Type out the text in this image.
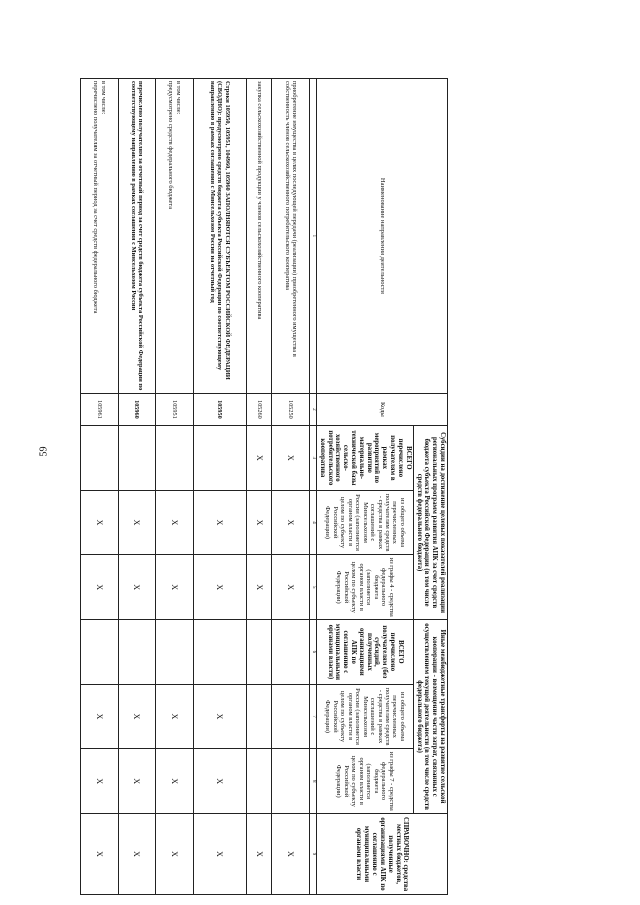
59
Наименование направления деятельности	Коды	Субсидии на достижение целевых показателей реализации региональных программ развития АПК за счет средств бюджета субъекта Российской Федерации (в том числе средств федерального бюджета)			Иные межбюджетные трансферты на развитие сельской кооперации - возмещение части затрат, связанных с осуществлением текущей деятельности (в том числе средств федерального бюджета)			СПРАВОЧНО: средства местных бюджетов, полученные организациями АПК по соглашению с муниципальными органами власти
		ВСЕГО перечислено получателям в рамках мероприятий по развитию материально-технической базы сельско-хозяйственного потребительского кооператива	из общего объема перечисленных получателям средств - средства в рамках соглашений с Минсельхозом России (заполняется органом власти в целом по субъекту Российской Федерации)	из графы 4 - средства федерального бюджета (заполняется органом власти в целом по субъекту Российской Федерации)	ВСЕГО перечислено получателям (без субсидий, полученных организациями АПК по соглашению с муниципальными органами власти)	из общего объема перечисленных получателям средств - средства в рамках соглашений с Минсельхозом России (заполняется органом власти в целом по субъекту Российской Федерации)	из графы 7 - средства федерального бюджета (заполняется органом власти в целом по субъекту Российской Федерации)	
1	2	3	4	5	6	7	8	9
приобретение имущества в целях последующей передачи (реализации) приобретенного имущества в собственность членов сельскохозяйственного потребительского кооператива	105250	X	X	X				X
закупка сельскохозяйственной продукции у членов сельскохозяйственного кооператива	105260	X	X	X				X
Строки 105950, 105951, 104960, 105960 ЗАПОЛНЯЮТСЯ СУБЪЕКТОМ РОССИЙСКОЙ ФЕДЕРАЦИИ (СВОДНО): предусмотрено средств бюджета субъекта Российской Федерации по соответствующему направлению в рамках соглашения с Минсельхозом России на отчетный год	105950		X	X		X	X	X
в том числе:
предусмотрено средств федерального бюджета	105951		X	X		X	X	X
перечислено получателям за отчетный период за счет средств бюджета субъекта Российской Федерации по соответствующему направлению в рамках соглашения с Минсельхозом России	105960		X	X		X	X	X
в том числе:
перечислено получателям за отчетный период за счет средств федерального бюджета	105961		X	X		X	X	X
